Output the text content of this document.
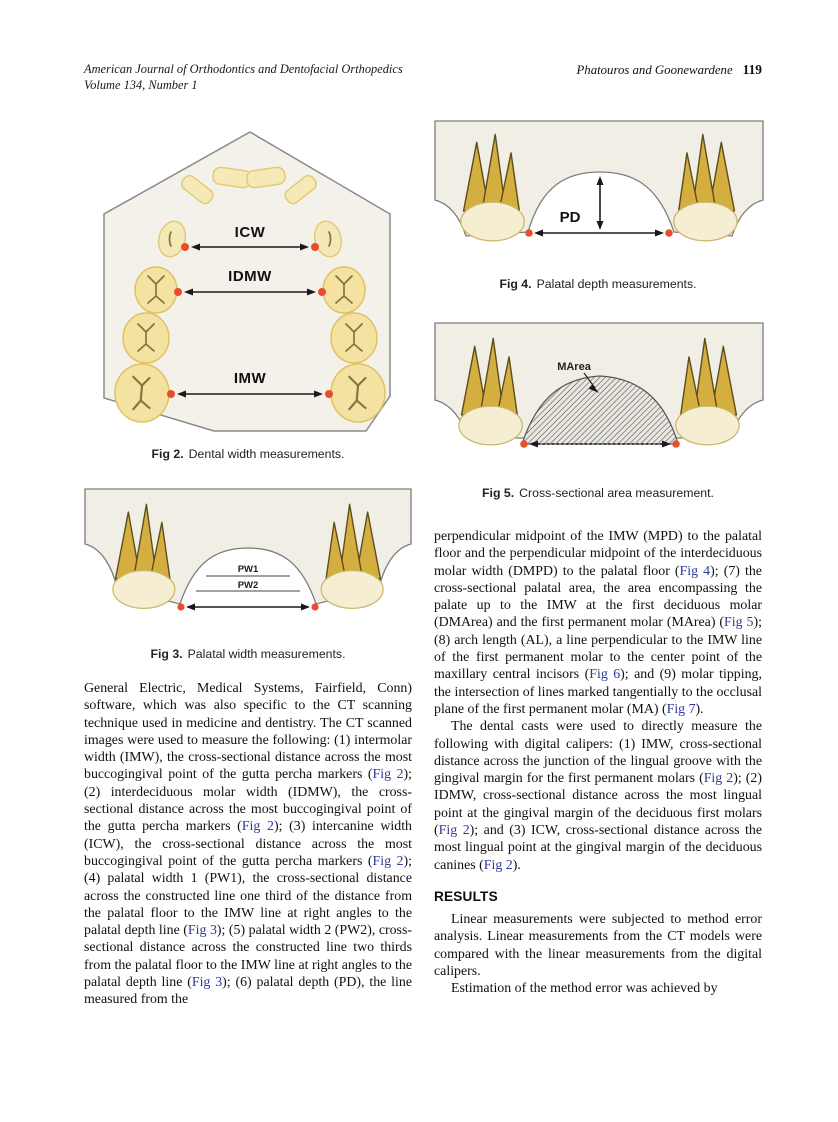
American Journal of Orthodontics and Dentofacial Orthopedics
Volume 134, Number 1
Phatouros and Goonewardene 119
ICW
IDMW
IMW
Fig 2. Dental width measurements.
PW1
PW2
Fig 3. Palatal width measurements.

General Electric, Medical Systems, Fairfield, Conn) software, which was also specific to the CT scanning technique used in medicine and dentistry. The CT scanned images were used to measure the following: (1) intermolar width (IMW), the cross-sectional distance across the most buccogingival point of the gutta percha markers (Fig 2); (2) interdeciduous molar width (IDMW), the cross-sectional distance across the most buccogingival point of the gutta percha markers (Fig 2); (3) intercanine width (ICW), the cross-sectional distance across the most buccogingival point of the gutta percha markers (Fig 2); (4) palatal width 1 (PW1), the cross-sectional distance across the constructed line one third of the distance from the palatal floor to the IMW line at right angles to the palatal depth line (Fig 3); (5) palatal width 2 (PW2), cross-sectional distance across the constructed line two thirds from the palatal floor to the IMW line at right angles to the palatal depth line (Fig 3); (6) palatal depth (PD), the line measured from the

PD
Fig 4. Palatal depth measurements.
MArea
Fig 5. Cross-sectional area measurement.

perpendicular midpoint of the IMW (MPD) to the palatal floor and the perpendicular midpoint of the interdeciduous molar width (DMPD) to the palatal floor (Fig 4); (7) the cross-sectional palatal area, the area encompassing the palate up to the IMW at the first deciduous molar (DMArea) and the first permanent molar (MArea) (Fig 5); (8) arch length (AL), a line perpendicular to the IMW line of the first permanent molar to the center point of the maxillary central incisors (Fig 6); and (9) molar tipping, the intersection of lines marked tangentially to the occlusal plane of the first permanent molar (MA) (Fig 7).

The dental casts were used to directly measure the following with digital calipers: (1) IMW, cross-sectional distance across the junction of the lingual groove with the gingival margin for the first permanent molars (Fig 2); (2) IDMW, cross-sectional distance across the most lingual point at the gingival margin of the deciduous first molars (Fig 2); and (3) ICW, cross-sectional distance across the most lingual point at the gingival margin of the deciduous canines (Fig 2).

RESULTS

Linear measurements were subjected to method error analysis. Linear measurements from the CT models were compared with the linear measurements from the digital calipers.

Estimation of the method error was achieved by
